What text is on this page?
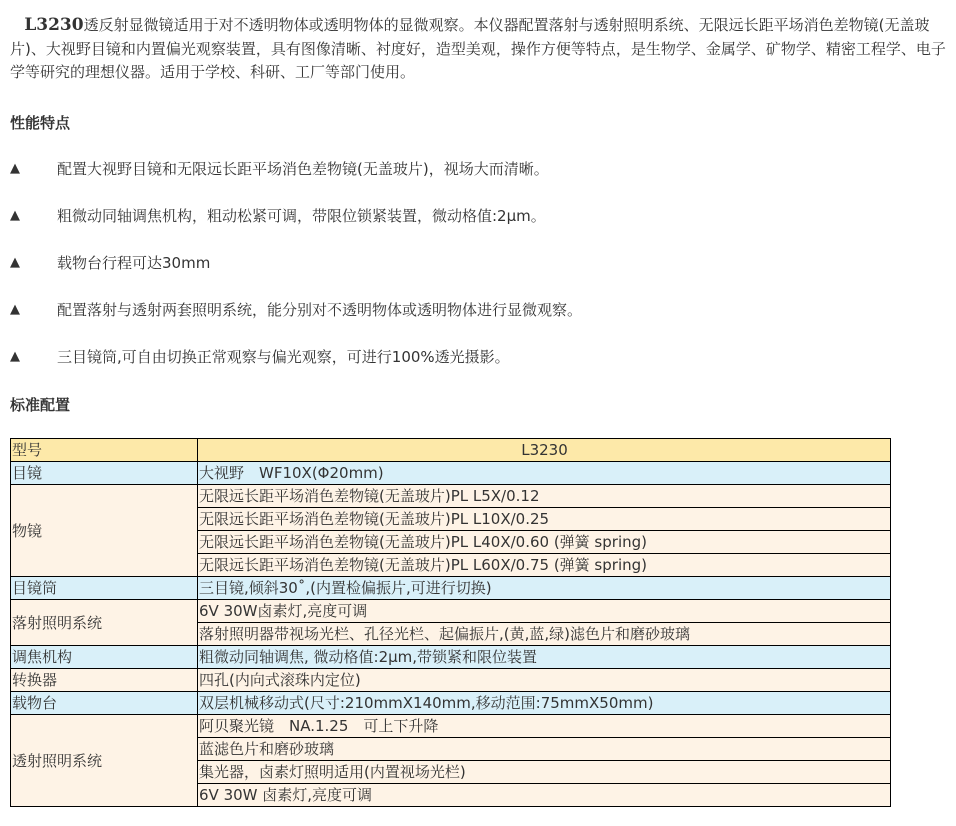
L3230透反射显微镜适用于对不透明物体或透明物体的显微观察。本仪器配置落射与透射照明系统、无限远长距平场消色差物镜(无盖玻片)、大视野目镜和内置偏光观察装置，具有图像清晰、衬度好，造型美观，操作方便等特点，是生物学、金属学、矿物学、精密工程学、电子学等研究的理想仪器。适用于学校、科研、工厂等部门使用。

性能特点
▲ 配置大视野目镜和无限远长距平场消色差物镜(无盖玻片)，视场大而清晰。
▲ 粗微动同轴调焦机构，粗动松紧可调，带限位锁紧装置，微动格值:2μm。
▲ 载物台行程可达30mm
▲ 配置落射与透射两套照明系统，能分别对不透明物体或透明物体进行显微观察。
▲ 三目镜筒,可自由切换正常观察与偏光观察，可进行100%透光摄影。
标准配置
型号	L3230
目镜	大视野　WF10X(Φ20mm)
物镜	无限远长距平场消色差物镜(无盖玻片)PL L5X/0.12
	无限远长距平场消色差物镜(无盖玻片)PL L10X/0.25
	无限远长距平场消色差物镜(无盖玻片)PL L40X/0.60 (弹簧 spring)
	无限远长距平场消色差物镜(无盖玻片)PL L60X/0.75 (弹簧 spring)
目镜筒	三目镜,倾斜30˚,(内置检偏振片,可进行切换)
落射照明系统	6V 30W卤素灯,亮度可调
	落射照明器带视场光栏、孔径光栏、起偏振片,(黄,蓝,绿)滤色片和磨砂玻璃
调焦机构	粗微动同轴调焦, 微动格值:2μm,带锁紧和限位装置
转换器	四孔(内向式滚珠内定位)
载物台	双层机械移动式(尺寸:210mmX140mm,移动范围:75mmX50mm)
透射照明系统	阿贝聚光镜　NA.1.25　可上下升降
	蓝滤色片和磨砂玻璃
	集光器，卤素灯照明适用(内置视场光栏)
	6V 30W 卤素灯,亮度可调
